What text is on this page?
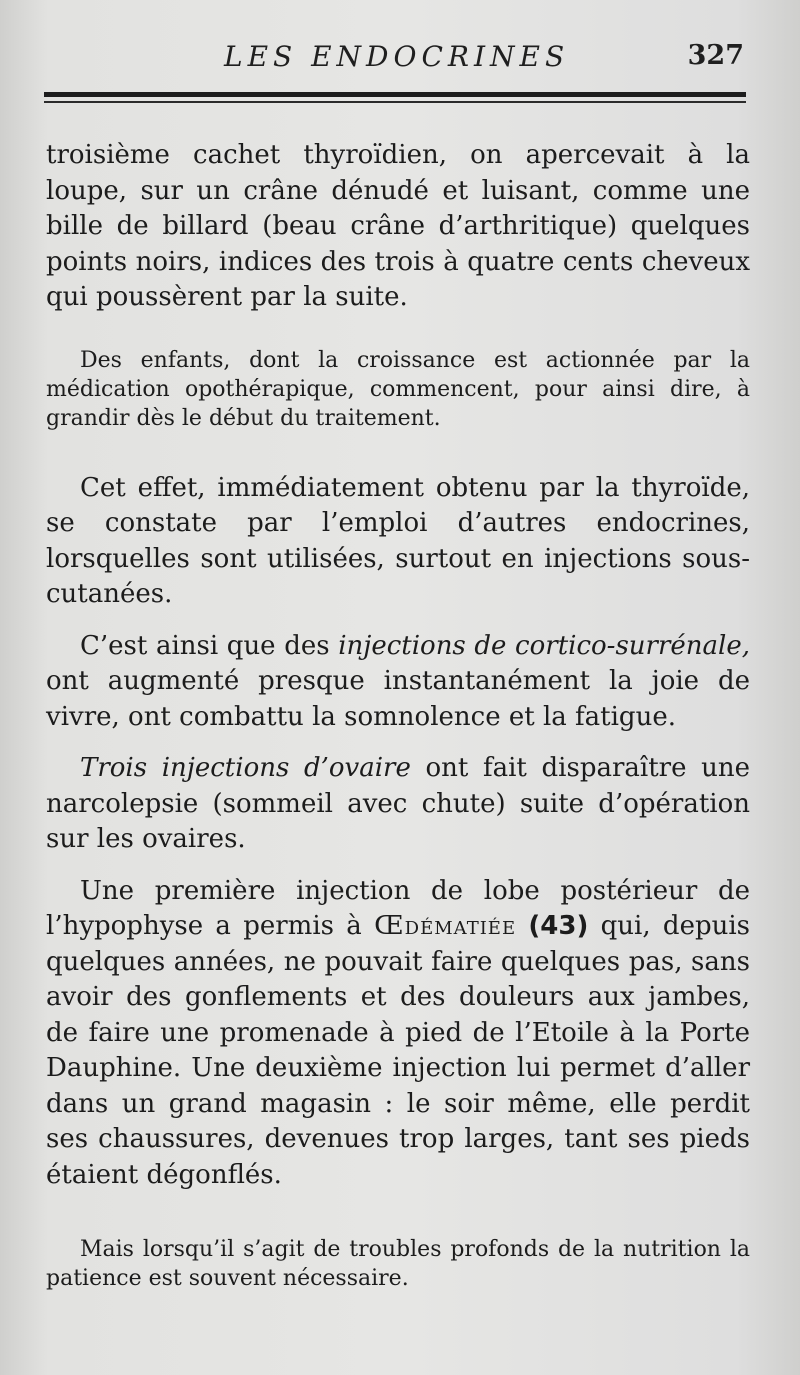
LES ENDOCRINES	327

troisième cachet thyroïdien, on apercevait à la loupe, sur un crâne dénudé et luisant, comme une bille de billard (beau crâne d’arthritique) quelques points noirs, indices des trois à quatre cents cheveux qui poussèrent par la suite.

Des enfants, dont la croissance est actionnée par la médication opothérapique, commencent, pour ainsi dire, à grandir dès le début du traitement.

Cet effet, immédiatement obtenu par la thyroïde, se constate par l’emploi d’autres endocrines, lorsquelles sont utilisées, surtout en injections sous-cutanées.

C’est ainsi que des injections de cortico-surrénale, ont augmenté presque instantanément la joie de vivre, ont combattu la somnolence et la fatigue.

Trois injections d’ovaire ont fait disparaître une narcolepsie (sommeil avec chute) suite d’opération sur les ovaires.

Une première injection de lobe postérieur de l’hypophyse a permis à Œdématiée (43) qui, depuis quelques années, ne pouvait faire quelques pas, sans avoir des gonflements et des douleurs aux jambes, de faire une promenade à pied de l’Etoile à la Porte Dauphine. Une deuxième injection lui permet d’aller dans un grand magasin : le soir même, elle perdit ses chaussures, devenues trop larges, tant ses pieds étaient dégonflés.

Mais lorsqu’il s’agit de troubles profonds de la nutrition la patience est souvent nécessaire.
